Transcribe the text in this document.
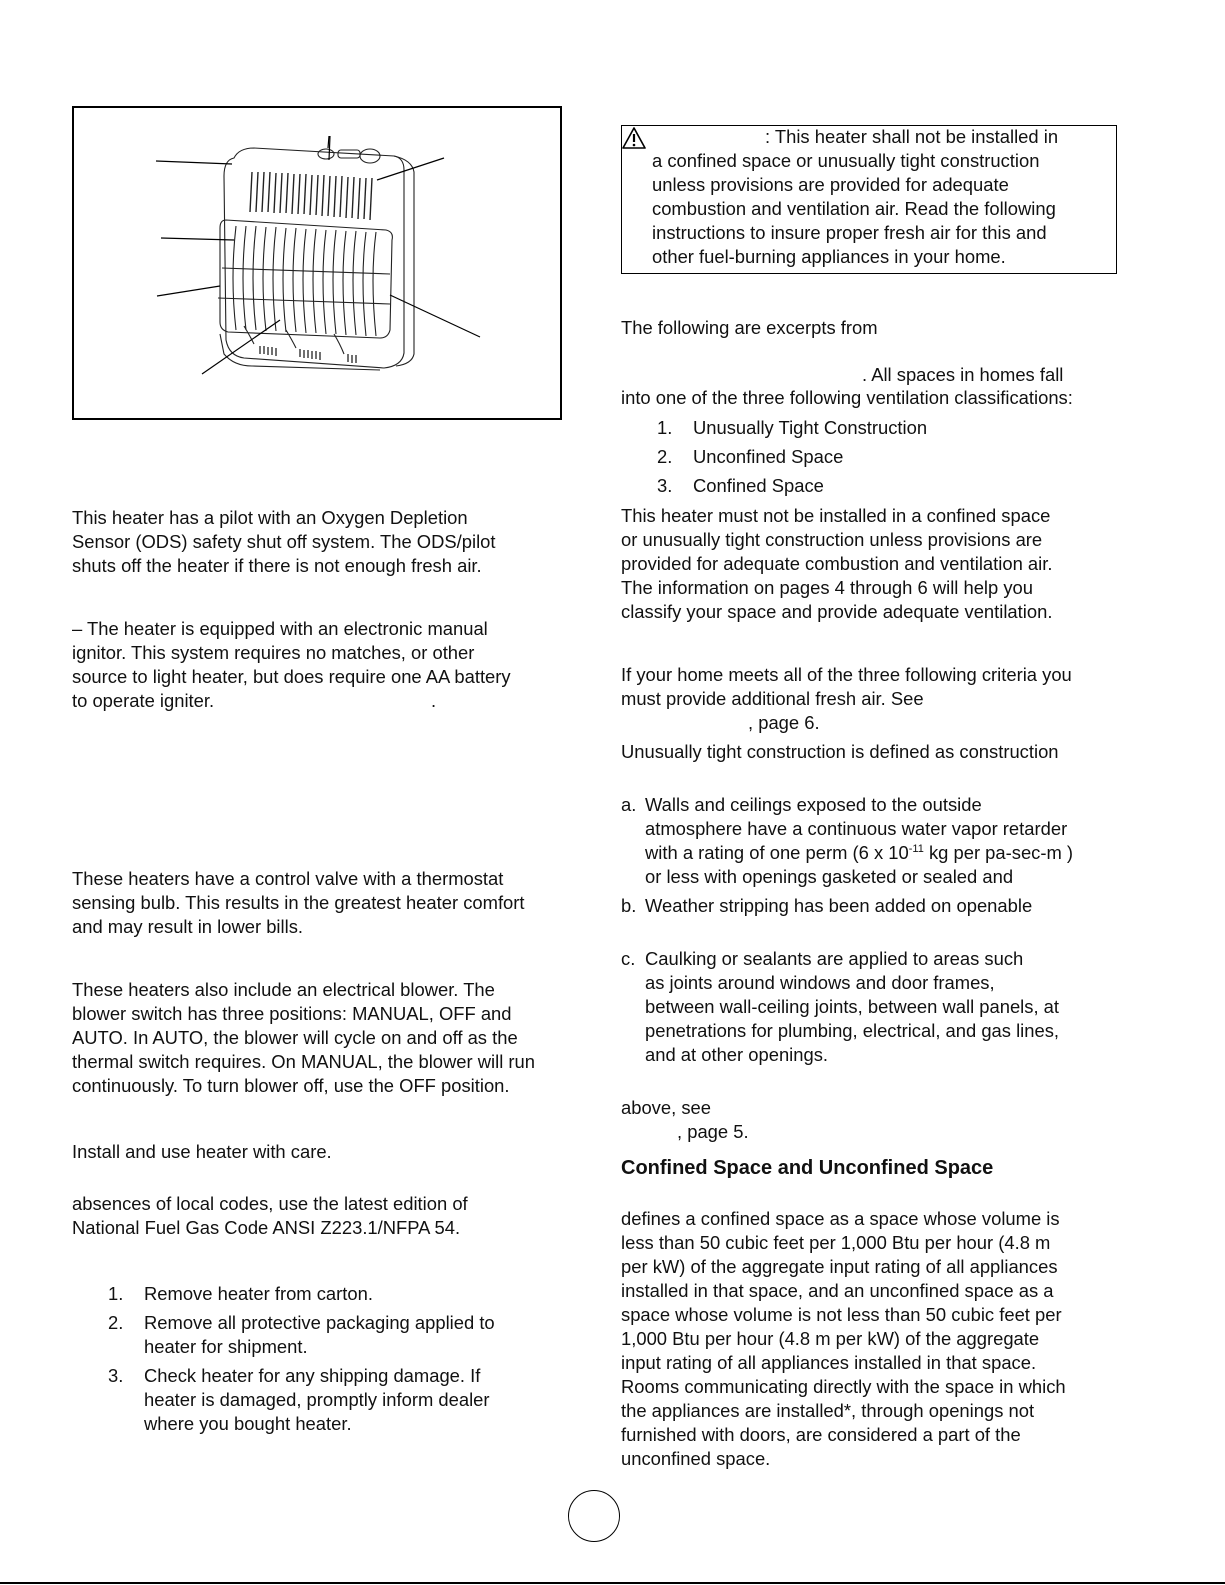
: This heater shall not be installed in
a confined space or unusually tight construction
unless provisions are provided for adequate
combustion and ventilation air. Read the following
instructions to insure proper fresh air for this and
other fuel-burning appliances in your home.
This heater has a pilot with an Oxygen Depletion
Sensor (ODS) safety shut off system. The ODS/pilot
shuts off the heater if there is not enough fresh air.
– The heater is equipped with an electronic manual
ignitor. This system requires no matches, or other
source to light heater, but does require one AA battery
to operate igniter.	.
These heaters have a control valve with a thermostat
sensing bulb. This results in the greatest heater comfort
and may result in lower bills.
These heaters also include an electrical blower. The
blower switch has three positions: MANUAL, OFF and
AUTO. In AUTO, the blower will cycle on and off as the
thermal switch requires. On MANUAL, the blower will run
continuously. To turn blower off, use the OFF position.
Install and use heater with care.
absences of local codes, use the latest edition of
National Fuel Gas Code ANSI Z223.1/NFPA 54.
1. Remove heater from carton.
2. Remove all protective packaging applied to
heater for shipment.
3. Check heater for any shipping damage. If
heater is damaged, promptly inform dealer
where you bought heater.
The following are excerpts from
. All spaces in homes fall
into one of the three following ventilation classifications:
1. Unusually Tight Construction
2. Unconfined Space
3. Confined Space
This heater must not be installed in a confined space
or unusually tight construction unless provisions are
provided for adequate combustion and ventilation air.
The information on pages 4 through 6 will help you
classify your space and provide adequate ventilation.
If your home meets all of the three following criteria you
must provide additional fresh air. See
, page 6.
Unusually tight construction is defined as construction
a. Walls and ceilings exposed to the outside
atmosphere have a continuous water vapor retarder
with a rating of one perm (6 x $10^{-11}$ kg per pa-sec-m )
or less with openings gasketed or sealed and
b. Weather stripping has been added on openable
c. Caulking or sealants are applied to areas such
as joints around windows and door frames,
between wall-ceiling joints, between wall panels, at
penetrations for plumbing, electrical, and gas lines,
and at other openings.
above, see
, page 5.
Confined Space and Unconfined Space
defines a confined space as a space whose volume is
less than 50 cubic feet per 1,000 Btu per hour (4.8 m
per kW) of the aggregate input rating of all appliances
installed in that space, and an unconfined space as a
space whose volume is not less than 50 cubic feet per
1,000 Btu per hour (4.8 m per kW) of the aggregate
input rating of all appliances installed in that space.
Rooms communicating directly with the space in which
the appliances are installed*, through openings not
furnished with doors, are considered a part of the
unconfined space.
